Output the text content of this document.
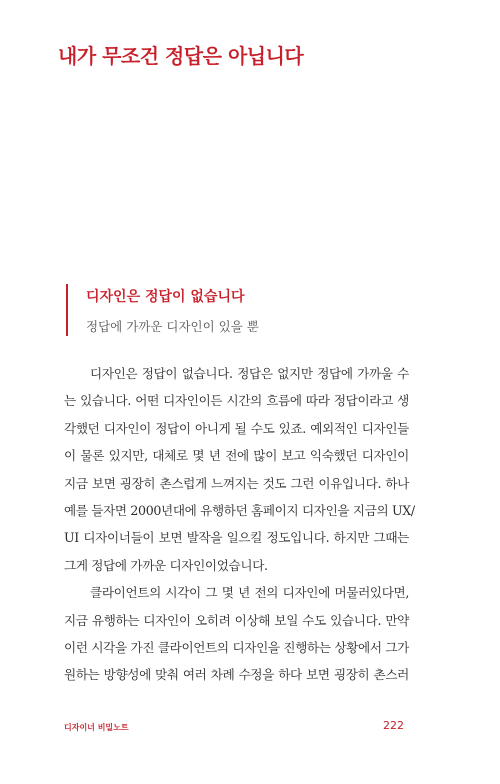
내가 무조건 정답은 아닙니다
디자인은 정답이 없습니다
정답에 가까운 디자인이 있을 뿐
디자인은 정답이 없습니다. 정답은 없지만 정답에 가까울 수
는 있습니다. 어떤 디자인이든 시간의 흐름에 따라 정답이라고 생
각했던 디자인이 정답이 아니게 될 수도 있죠. 예외적인 디자인들
이 물론 있지만, 대체로 몇 년 전에 많이 보고 익숙했던 디자인이
지금 보면 굉장히 촌스럽게 느껴지는 것도 그런 이유입니다. 하나
예를 들자면 2000년대에 유행하던 홈페이지 디자인을 지금의 UX/
UI 디자이너들이 보면 발작을 일으킬 정도입니다. 하지만 그때는
그게 정답에 가까운 디자인이었습니다.
클라이언트의 시각이 그 몇 년 전의 디자인에 머물러있다면,
지금 유행하는 디자인이 오히려 이상해 보일 수도 있습니다. 만약
이런 시각을 가진 클라이언트의 디자인을 진행하는 상황에서 그가
원하는 방향성에 맞춰 여러 차례 수정을 하다 보면 굉장히 촌스러
디자이너 비밀노트	222
